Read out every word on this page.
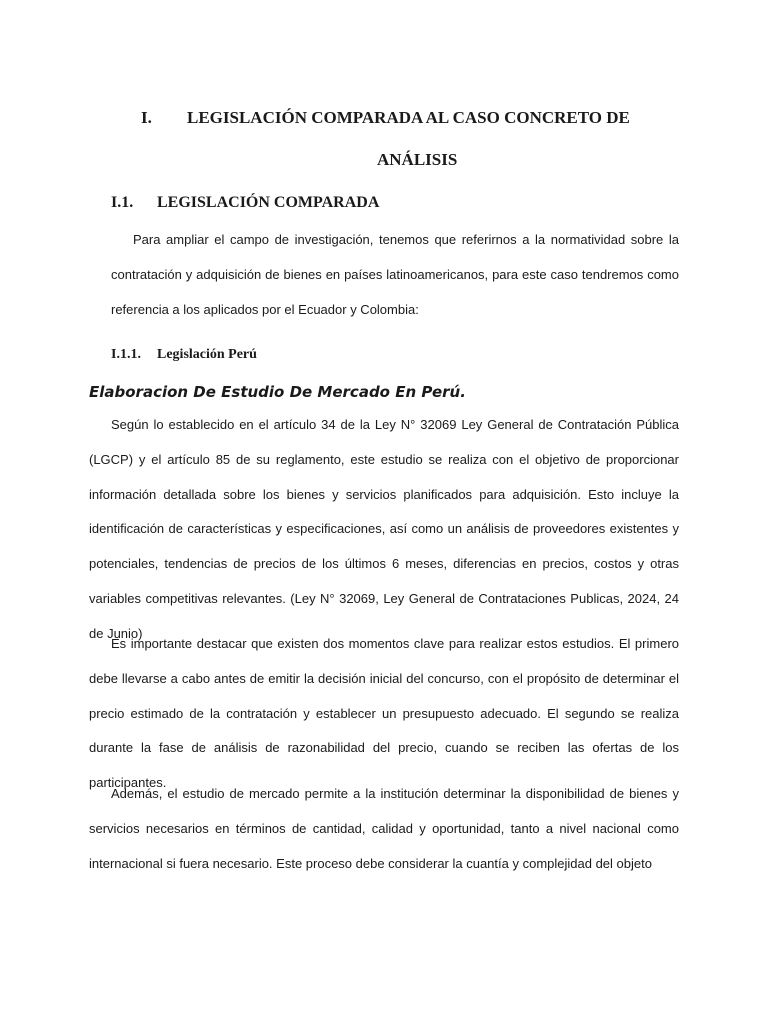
I. LEGISLACIÓN COMPARADA AL CASO CONCRETO DE
ANÁLISIS
I.1. LEGISLACIÓN COMPARADA

Para ampliar el campo de investigación, tenemos que referirnos a la normatividad sobre la contratación y adquisición de bienes en países latinoamericanos, para este caso tendremos como referencia a los aplicados por el Ecuador y Colombia:

I.1.1. Legislación Perú
Elaboracion De Estudio De Mercado En Perú.

Según lo establecido en el artículo 34 de la Ley N° 32069 Ley General de Contratación Pública (LGCP) y el artículo 85 de su reglamento, este estudio se realiza con el objetivo de proporcionar información detallada sobre los bienes y servicios planificados para adquisición. Esto incluye la identificación de características y especificaciones, así como un análisis de proveedores existentes y potenciales, tendencias de precios de los últimos 6 meses, diferencias en precios, costos y otras variables competitivas relevantes. (Ley N° 32069, Ley General de Contrataciones Publicas, 2024, 24 de Junio)

Es importante destacar que existen dos momentos clave para realizar estos estudios. El primero debe llevarse a cabo antes de emitir la decisión inicial del concurso, con el propósito de determinar el precio estimado de la contratación y establecer un presupuesto adecuado. El segundo se realiza durante la fase de análisis de razonabilidad del precio, cuando se reciben las ofertas de los participantes.

Además, el estudio de mercado permite a la institución determinar la disponibilidad de bienes y servicios necesarios en términos de cantidad, calidad y oportunidad, tanto a nivel nacional como internacional si fuera necesario. Este proceso debe considerar la cuantía y complejidad del objeto
